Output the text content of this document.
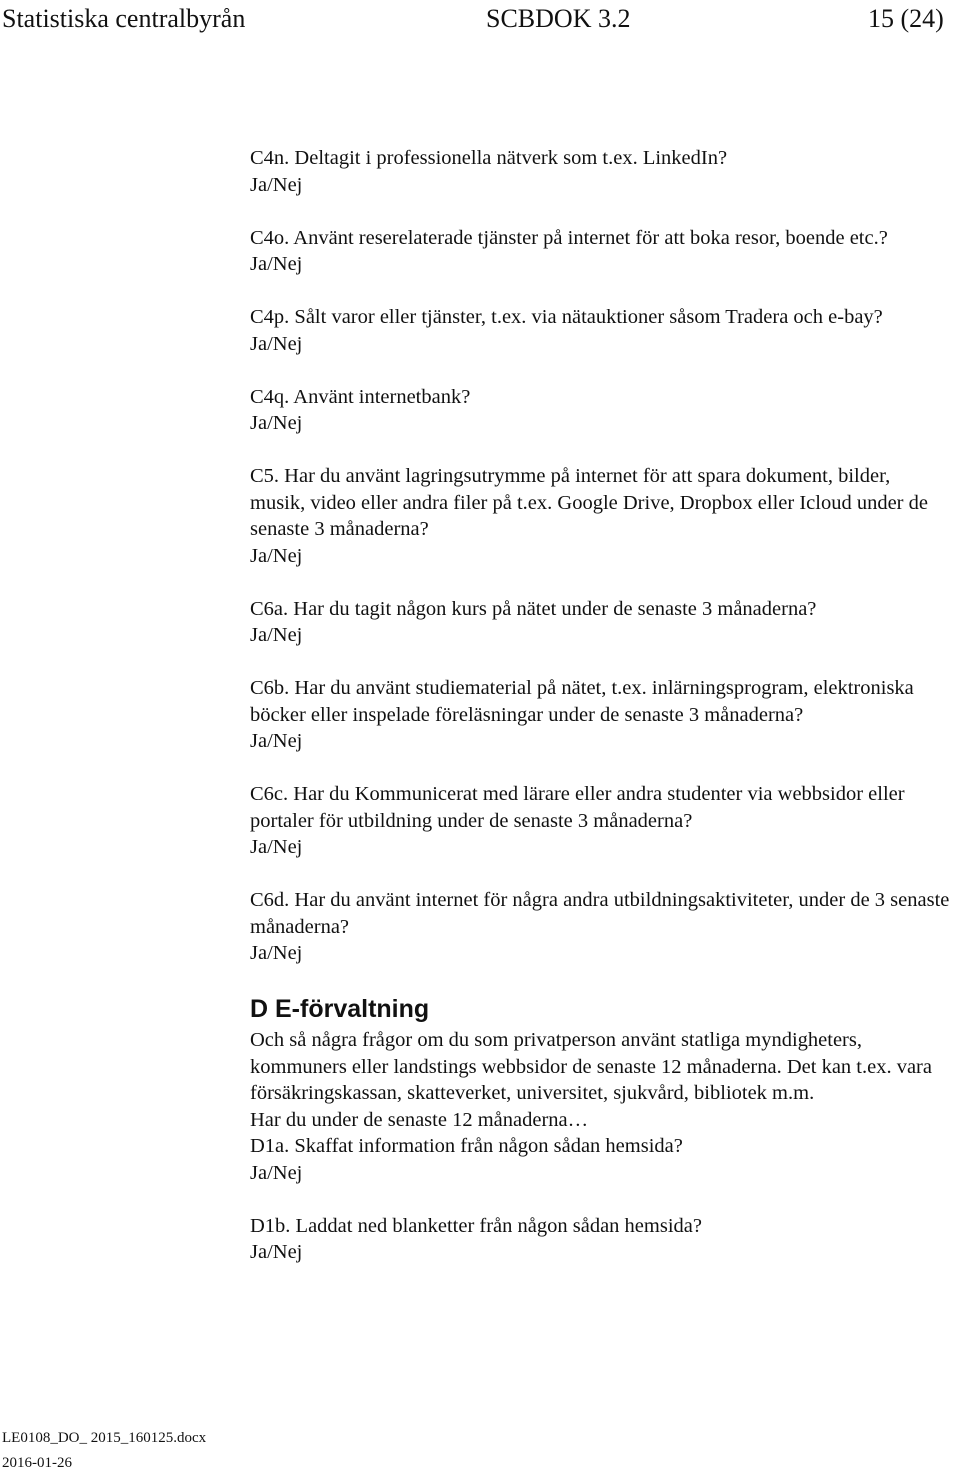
Statistiska centralbyrån	SCBDOK 3.2	15 (24)
C4n. Deltagit i professionella nätverk som t.ex. LinkedIn?
Ja/Nej
C4o. Använt reserelaterade tjänster på internet för att boka resor, boende etc.?
Ja/Nej
C4p. Sålt varor eller tjänster, t.ex. via nätauktioner såsom Tradera och e-bay?
Ja/Nej
C4q. Använt internetbank?
Ja/Nej
C5. Har du använt lagringsutrymme på internet för att spara dokument, bilder, musik, video eller andra filer på t.ex. Google Drive, Dropbox eller Icloud under de senaste 3 månaderna?
Ja/Nej
C6a. Har du tagit någon kurs på nätet under de senaste 3 månaderna?
Ja/Nej
C6b. Har du använt studiematerial på nätet, t.ex. inlärningsprogram, elektroniska böcker eller inspelade föreläsningar under de senaste 3 månaderna?
Ja/Nej
C6c. Har du Kommunicerat med lärare eller andra studenter via webbsidor eller portaler för utbildning under de senaste 3 månaderna?
Ja/Nej
C6d. Har du använt internet för några andra utbildningsaktiviteter, under de 3 senaste månaderna?
Ja/Nej
D E-förvaltning
Och så några frågor om du som privatperson använt statliga myndigheters, kommuners eller landstings webbsidor de senaste 12 månaderna. Det kan t.ex. vara försäkringskassan, skatteverket, universitet, sjukvård, bibliotek m.m.
Har du under de senaste 12 månaderna…
D1a. Skaffat information från någon sådan hemsida?
Ja/Nej
D1b. Laddat ned blanketter från någon sådan hemsida?
Ja/Nej
LE0108_DO_ 2015_160125.docx
2016-01-26
